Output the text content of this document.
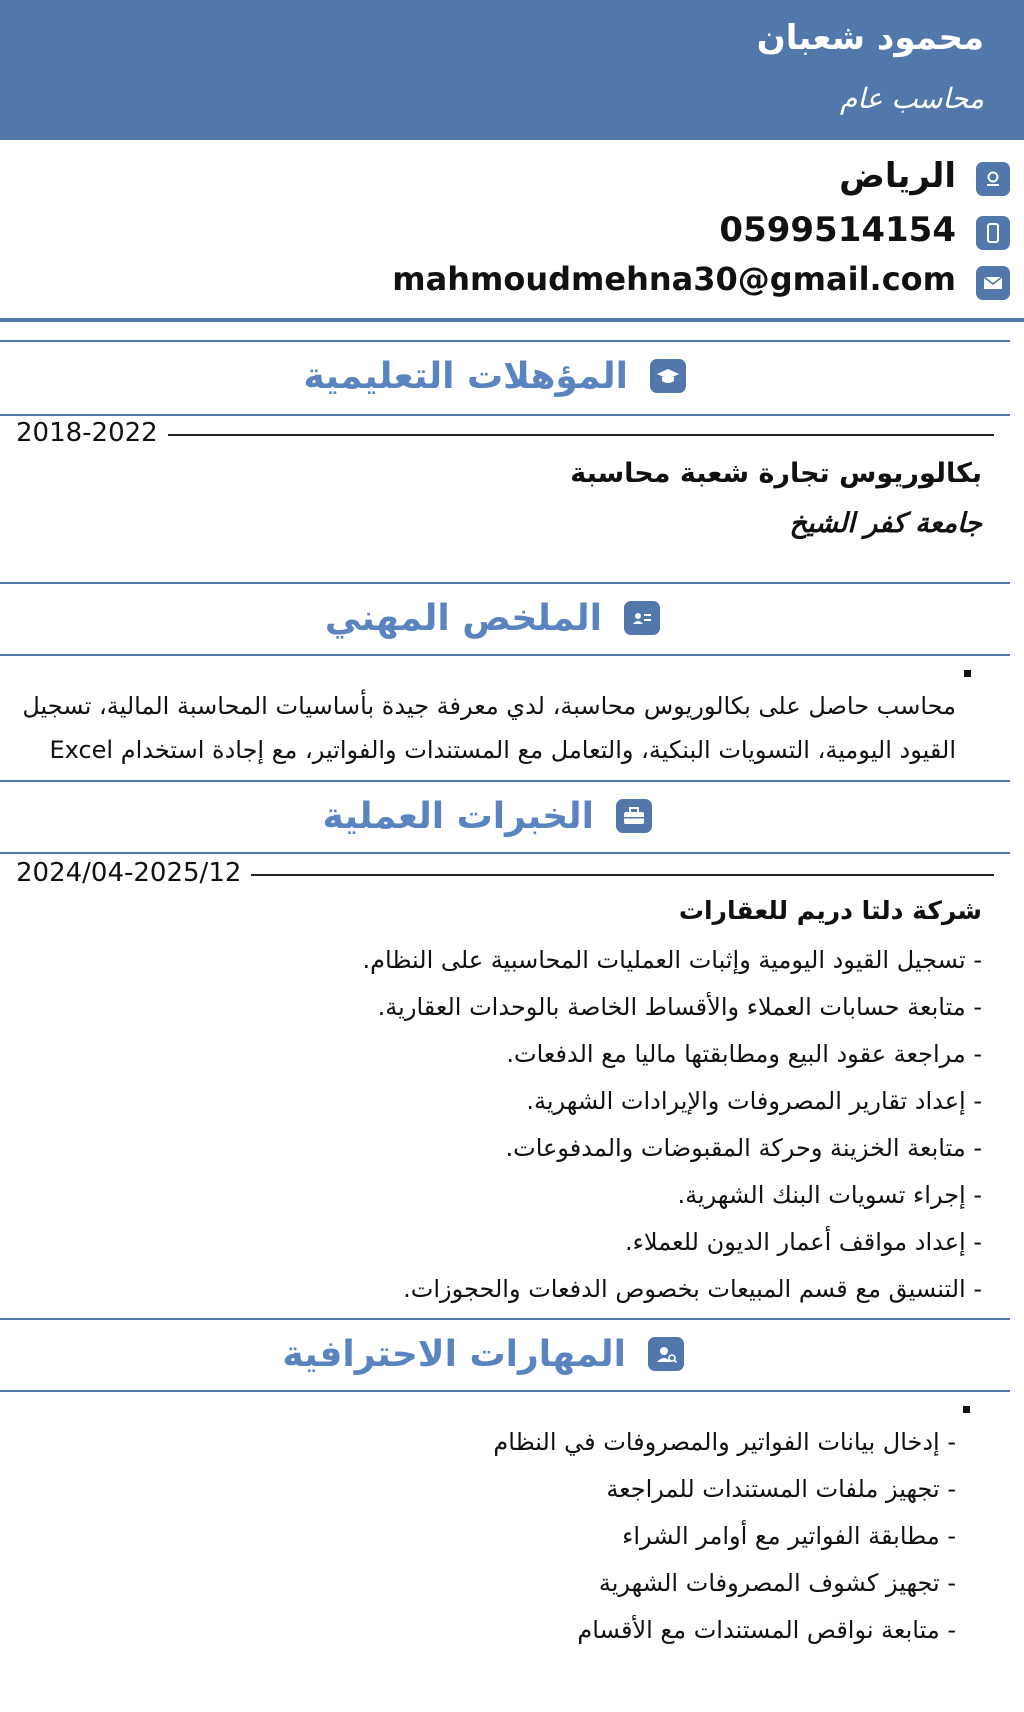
محمود شعبان
محاسب عام
الرياض
0599514154
mahmoudmehna30@gmail.com
المؤهلات التعليمية
2018-2022
بكالوريوس تجارة شعبة محاسبة
جامعة كفر الشيخ
الملخص المهني
محاسب حاصل على بكالوريوس محاسبة، لدي معرفة جيدة بأساسيات المحاسبة المالية، تسجيل
القيود اليومية، التسويات البنكية، والتعامل مع المستندات والفواتير، مع إجادة استخدام Excel
الخبرات العملية
2024/04-2025/12
شركة دلتا دريم للعقارات
- تسجيل القيود اليومية وإثبات العمليات المحاسبية على النظام.
- متابعة حسابات العملاء والأقساط الخاصة بالوحدات العقارية.
- مراجعة عقود البيع ومطابقتها ماليا مع الدفعات.
- إعداد تقارير المصروفات والإيرادات الشهرية.
- متابعة الخزينة وحركة المقبوضات والمدفوعات.
- إجراء تسويات البنك الشهرية.
- إعداد مواقف أعمار الديون للعملاء.
- التنسيق مع قسم المبيعات بخصوص الدفعات والحجوزات.
المهارات الاحترافية
- إدخال بيانات الفواتير والمصروفات في النظام
- تجهيز ملفات المستندات للمراجعة
- مطابقة الفواتير مع أوامر الشراء
- تجهيز كشوف المصروفات الشهرية
- متابعة نواقص المستندات مع الأقسام
